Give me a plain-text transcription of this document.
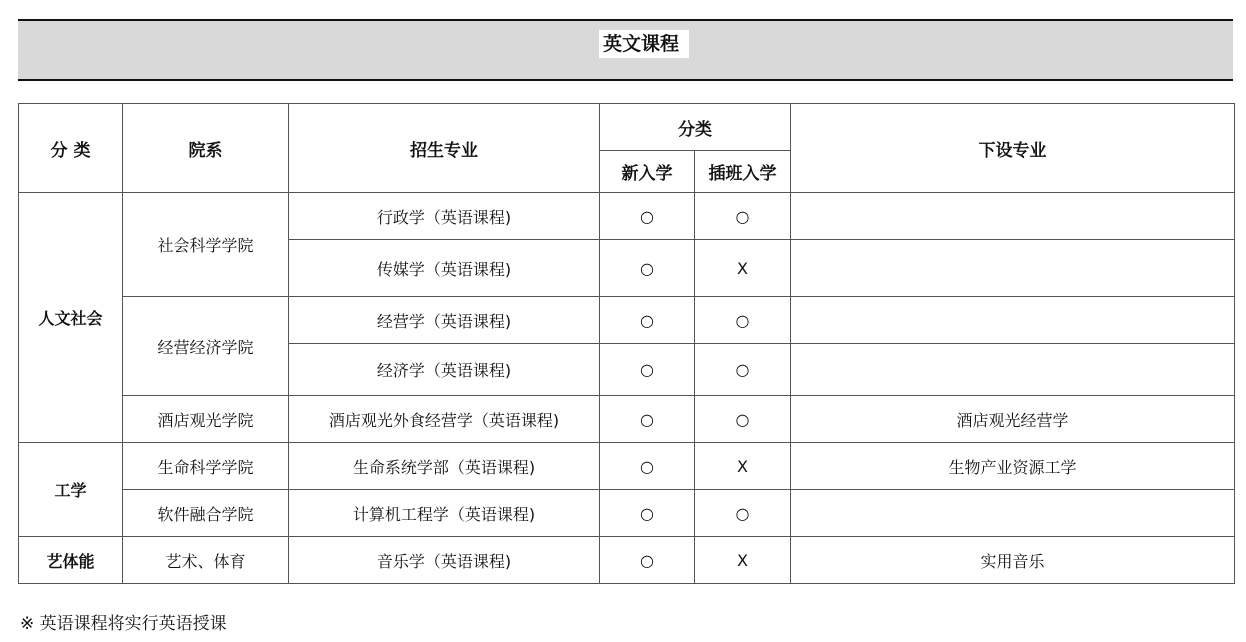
英文课程
分 类	院系	招生专业	分类		下设专业
			新入学	插班入学	
人文社会	社会科学学院	行政学（英语课程)	○	○	
		传媒学（英语课程)	○	X	
	经营经济学院	经营学（英语课程)	○	○	
		经济学（英语课程)	○	○	
	酒店观光学院	酒店观光外食经营学（英语课程)	○	○	酒店观光经营学
工学	生命科学学院	生命系统学部（英语课程)	○	X	生物产业资源工学
	软件融合学院	计算机工程学（英语课程)	○	○	
艺体能	艺术、体育	音乐学（英语课程)	○	X	实用音乐
※ 英语课程将实行英语授课
